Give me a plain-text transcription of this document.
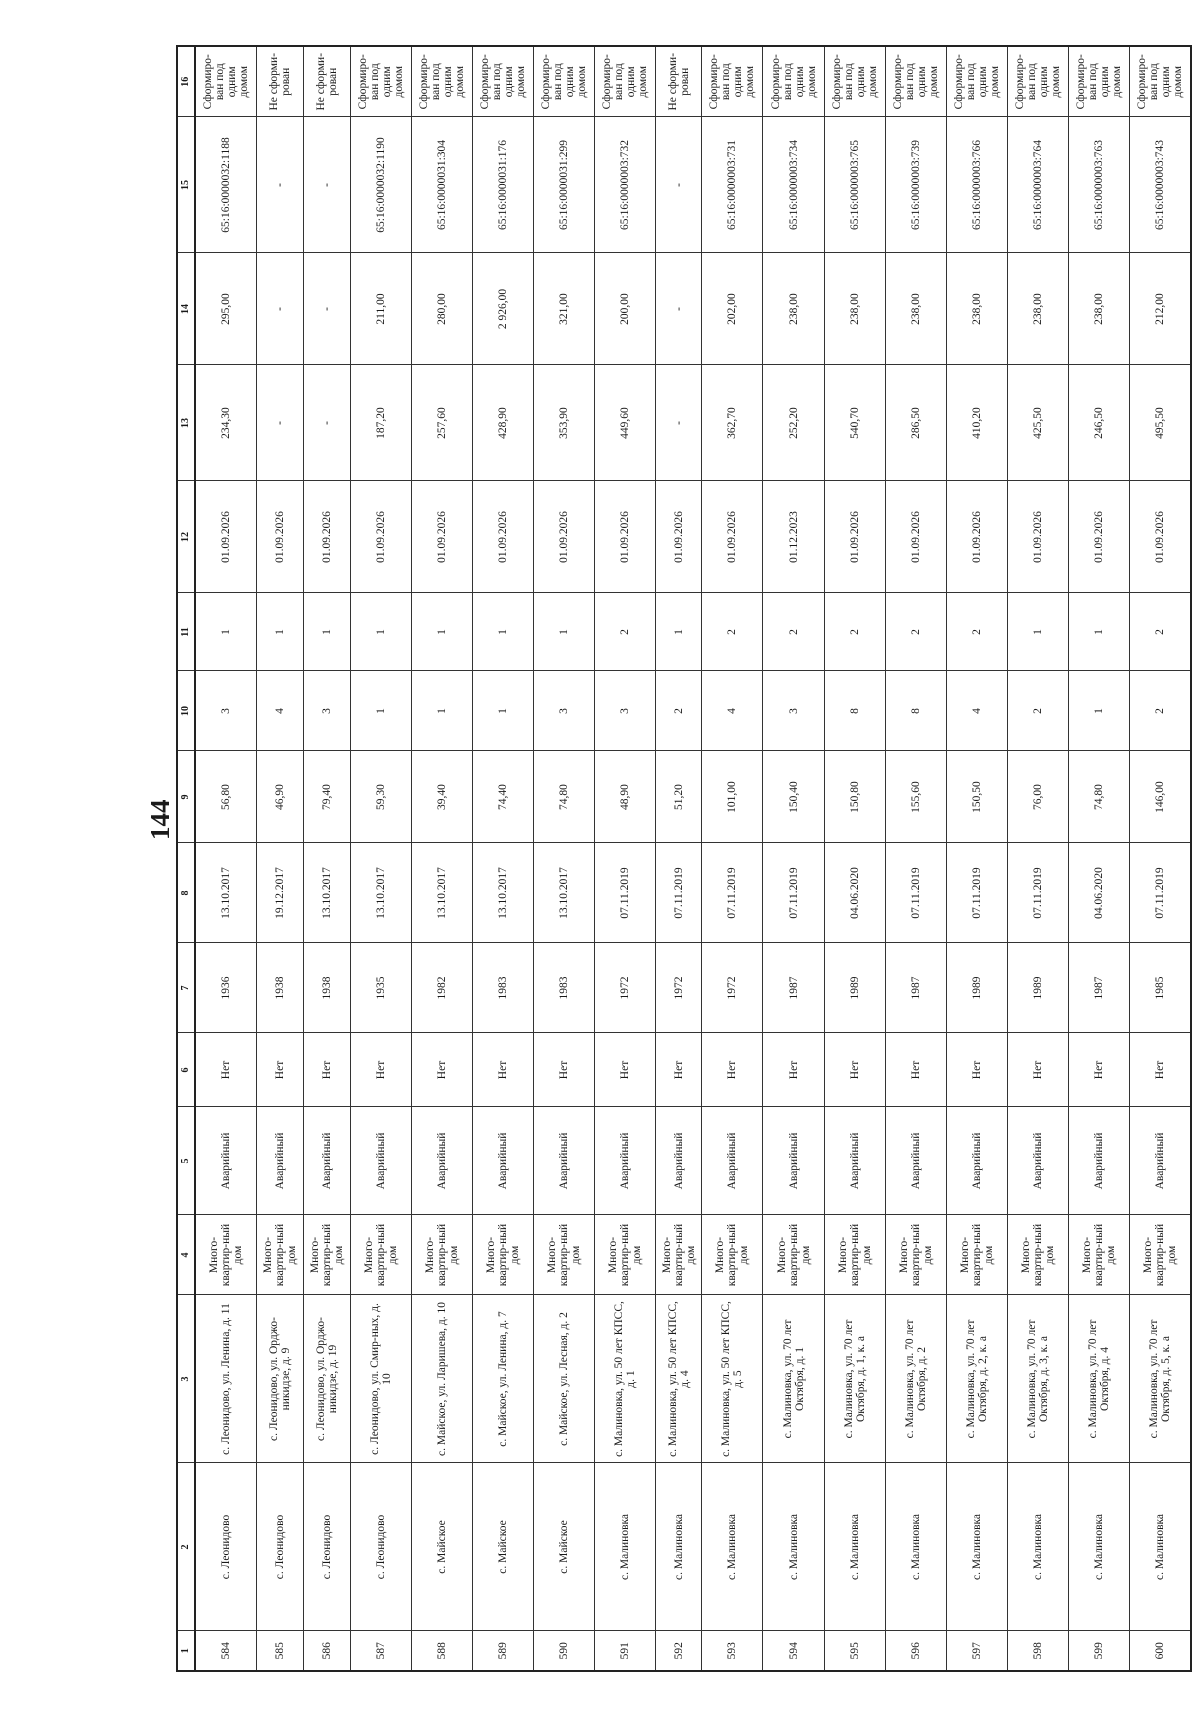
144
1	2	3	4	5	6	7	8	9	10	11	12	13	14	15	16
584	с. Леонидово	с. Леонидово, ул. Ленина, д. 11	Много-квартир-ный дом	Аварийный	Нет	1936	13.10.2017	56,80	3	1	01.09.2026	234,30	295,00	65:16:0000032:1188	Сформиро-ван под одним домом
585	с. Леонидово	с. Леонидово, ул. Орджо-никидзе, д. 9	Много-квартир-ный дом	Аварийный	Нет	1938	19.12.2017	46,90	4	1	01.09.2026	-	-	-	Не сформи-рован
586	с. Леонидово	с. Леонидово, ул. Орджо-никидзе, д. 19	Много-квартир-ный дом	Аварийный	Нет	1938	13.10.2017	79,40	3	1	01.09.2026	-	-	-	Не сформи-рован
587	с. Леонидово	с. Леонидово, ул. Смир-ных, д. 10	Много-квартир-ный дом	Аварийный	Нет	1935	13.10.2017	59,30	1	1	01.09.2026	187,20	211,00	65:16:0000032:1190	Сформиро-ван под одним домом
588	с. Майское	с. Майское, ул. Ларишева, д. 10	Много-квартир-ный дом	Аварийный	Нет	1982	13.10.2017	39,40	1	1	01.09.2026	257,60	280,00	65:16:0000031:304	Сформиро-ван под одним домом
589	с. Майское	с. Майское, ул. Ленина, д. 7	Много-квартир-ный дом	Аварийный	Нет	1983	13.10.2017	74,40	1	1	01.09.2026	428,90	2 926,00	65:16:0000031:176	Сформиро-ван под одним домом
590	с. Майское	с. Майское, ул. Лесная, д. 2	Много-квартир-ный дом	Аварийный	Нет	1983	13.10.2017	74,80	3	1	01.09.2026	353,90	321,00	65:16:0000031:299	Сформиро-ван под одним домом
591	с. Малиновка	с. Малиновка, ул. 50 лет КПСС, д. 1	Много-квартир-ный дом	Аварийный	Нет	1972	07.11.2019	48,90	3	2	01.09.2026	449,60	200,00	65:16:0000003:732	Сформиро-ван под одним домом
592	с. Малиновка	с. Малиновка, ул. 50 лет КПСС, д. 4	Много-квартир-ный дом	Аварийный	Нет	1972	07.11.2019	51,20	2	1	01.09.2026	-	-	-	Не сформи-рован
593	с. Малиновка	с. Малиновка, ул. 50 лет КПСС, д. 5	Много-квартир-ный дом	Аварийный	Нет	1972	07.11.2019	101,00	4	2	01.09.2026	362,70	202,00	65:16:0000003:731	Сформиро-ван под одним домом
594	с. Малиновка	с. Малиновка, ул. 70 лет Октября, д. 1	Много-квартир-ный дом	Аварийный	Нет	1987	07.11.2019	150,40	3	2	01.12.2023	252,20	238,00	65:16:0000003:734	Сформиро-ван под одним домом
595	с. Малиновка	с. Малиновка, ул. 70 лет Октября, д. 1, к. а	Много-квартир-ный дом	Аварийный	Нет	1989	04.06.2020	150,80	8	2	01.09.2026	540,70	238,00	65:16:0000003:765	Сформиро-ван под одним домом
596	с. Малиновка	с. Малиновка, ул. 70 лет Октября, д. 2	Много-квартир-ный дом	Аварийный	Нет	1987	07.11.2019	155,60	8	2	01.09.2026	286,50	238,00	65:16:0000003:739	Сформиро-ван под одним домом
597	с. Малиновка	с. Малиновка, ул. 70 лет Октября, д. 2, к. а	Много-квартир-ный дом	Аварийный	Нет	1989	07.11.2019	150,50	4	2	01.09.2026	410,20	238,00	65:16:0000003:766	Сформиро-ван под одним домом
598	с. Малиновка	с. Малиновка, ул. 70 лет Октября, д. 3, к. а	Много-квартир-ный дом	Аварийный	Нет	1989	07.11.2019	76,00	2	1	01.09.2026	425,50	238,00	65:16:0000003:764	Сформиро-ван под одним домом
599	с. Малиновка	с. Малиновка, ул. 70 лет Октября, д. 4	Много-квартир-ный дом	Аварийный	Нет	1987	04.06.2020	74,80	1	1	01.09.2026	246,50	238,00	65:16:0000003:763	Сформиро-ван под одним домом
600	с. Малиновка	с. Малиновка, ул. 70 лет Октября, д. 5, к. а	Много-квартир-ный дом	Аварийный	Нет	1985	07.11.2019	146,00	2	2	01.09.2026	495,50	212,00	65:16:0000003:743	Сформиро-ван под одним домом
